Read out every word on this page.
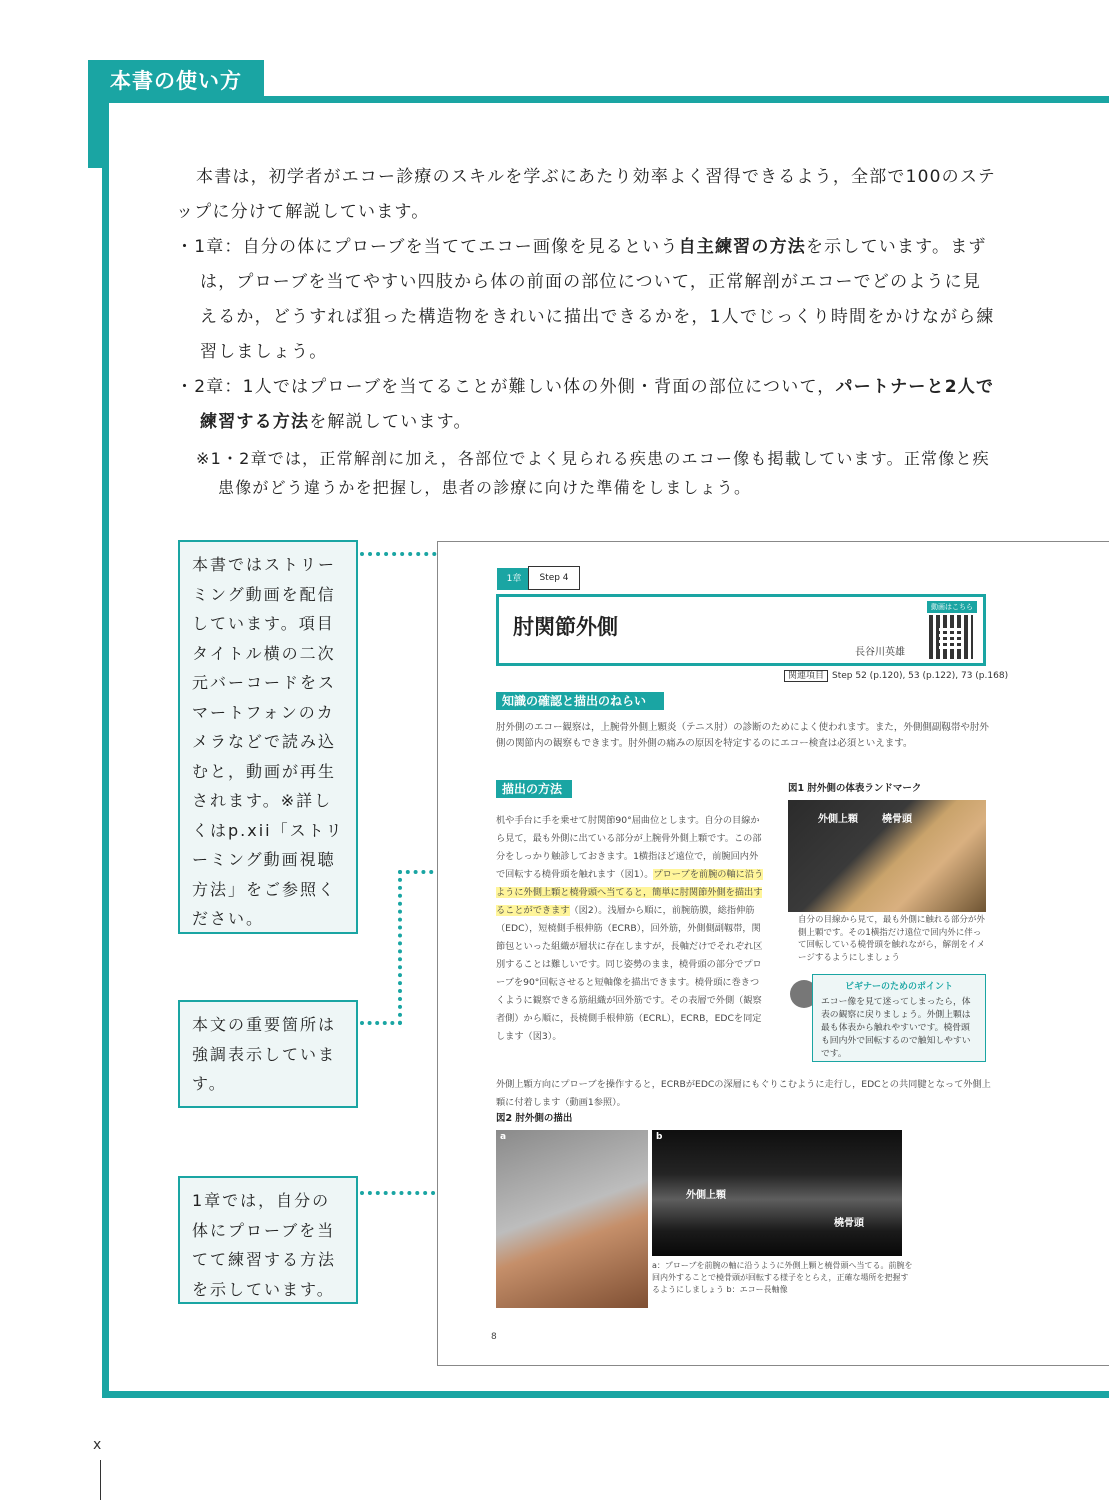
本書の使い方

本書は，初学者がエコー診療のスキルを学ぶにあたり効率よく習得できるよう，全部で100のステップに分けて解説しています。

・1章：自分の体にプローブを当ててエコー画像を見るという自主練習の方法を示しています。まずは，プローブを当てやすい四肢から体の前面の部位について，正常解剖がエコーでどのように見えるか，どうすれば狙った構造物をきれいに描出できるかを，1人でじっくり時間をかけながら練習しましょう。

・2章：1人ではプローブを当てることが難しい体の外側・背面の部位について，パートナーと2人で練習する方法を解説しています。

※1・2章では，正常解剖に加え，各部位でよく見られる疾患のエコー像も掲載しています。正常像と疾患像がどう違うかを把握し，患者の診療に向けた準備をしましょう。

本書ではストリーミング動画を配信しています。項目タイトル横の二次元バーコードをスマートフォンのカメラなどで読み込むと，動画が再生されます。※詳しくはp.xii「ストリーミング動画視聴方法」をご参照ください。
本文の重要箇所は強調表示しています。
1章では，自分の体にプローブを当てて練習する方法を示しています。
1章	Step 4
肘関節外側
長谷川英雄
動画はこちら
関連項目 Step 52 (p.120), 53 (p.122), 73 (p.168)
知識の確認と描出のねらい
肘外側のエコー観察は，上腕骨外側上顆炎（テニス肘）の診断のためによく使われます。また，外側側副靱帯や肘外側の関節内の観察もできます。肘外側の痛みの原因を特定するのにエコー検査は必須といえます。
描出の方法
机や手台に手を乗せて肘関節90°屈曲位とします。自分の目線から見て，最も外側に出ている部分が上腕骨外側上顆です。この部分をしっかり触診しておきます。1横指ほど遠位で，前腕回内外で回転する橈骨頭を触れます（図1）。プローブを前腕の軸に沿うように外側上顆と橈骨頭へ当てると，簡単に肘関節外側を描出することができます（図2）。浅層から順に，前腕筋膜，総指伸筋（EDC），短橈側手根伸筋（ECRB），回外筋，外側側副靱帯，関節包といった組織が層状に存在しますが，長軸だけでそれぞれ区別することは難しいです。同じ姿勢のまま，橈骨頭の部分でプローブを90°回転させると短軸像を描出できます。橈骨頭に巻きつくように観察できる筋組織が回外筋です。その表層で外側（観察者側）から順に，長橈側手根伸筋（ECRL），ECRB，EDCを同定します（図3）。
外側上顆方向にプローブを操作すると，ECRBがEDCの深層にもぐりこむように走行し，EDCとの共同腱となって外側上顆に付着します（動画1参照）。
図1 肘外側の体表ランドマーク
外側上顆 橈骨頭
自分の目線から見て，最も外側に触れる部分が外側上顆です。その1横指だけ遠位で回内外に伴って回転している橈骨頭を触れながら，解剖をイメージするようにしましょう
ビギナーのためのポイント
エコー像を見て迷ってしまったら，体表の観察に戻りましょう。外側上顆は最も体表から触れやすいです。橈骨頭も回内外で回転するので触知しやすいです。
図2 肘外側の描出
a	b
外側上顆
橈骨頭
a：プローブを前腕の軸に沿うように外側上顆と橈骨頭へ当てる。前腕を回内外することで橈骨頭が回転する様子をとらえ，正確な場所を把握するようにしましょう b：エコー長軸像
8
x
